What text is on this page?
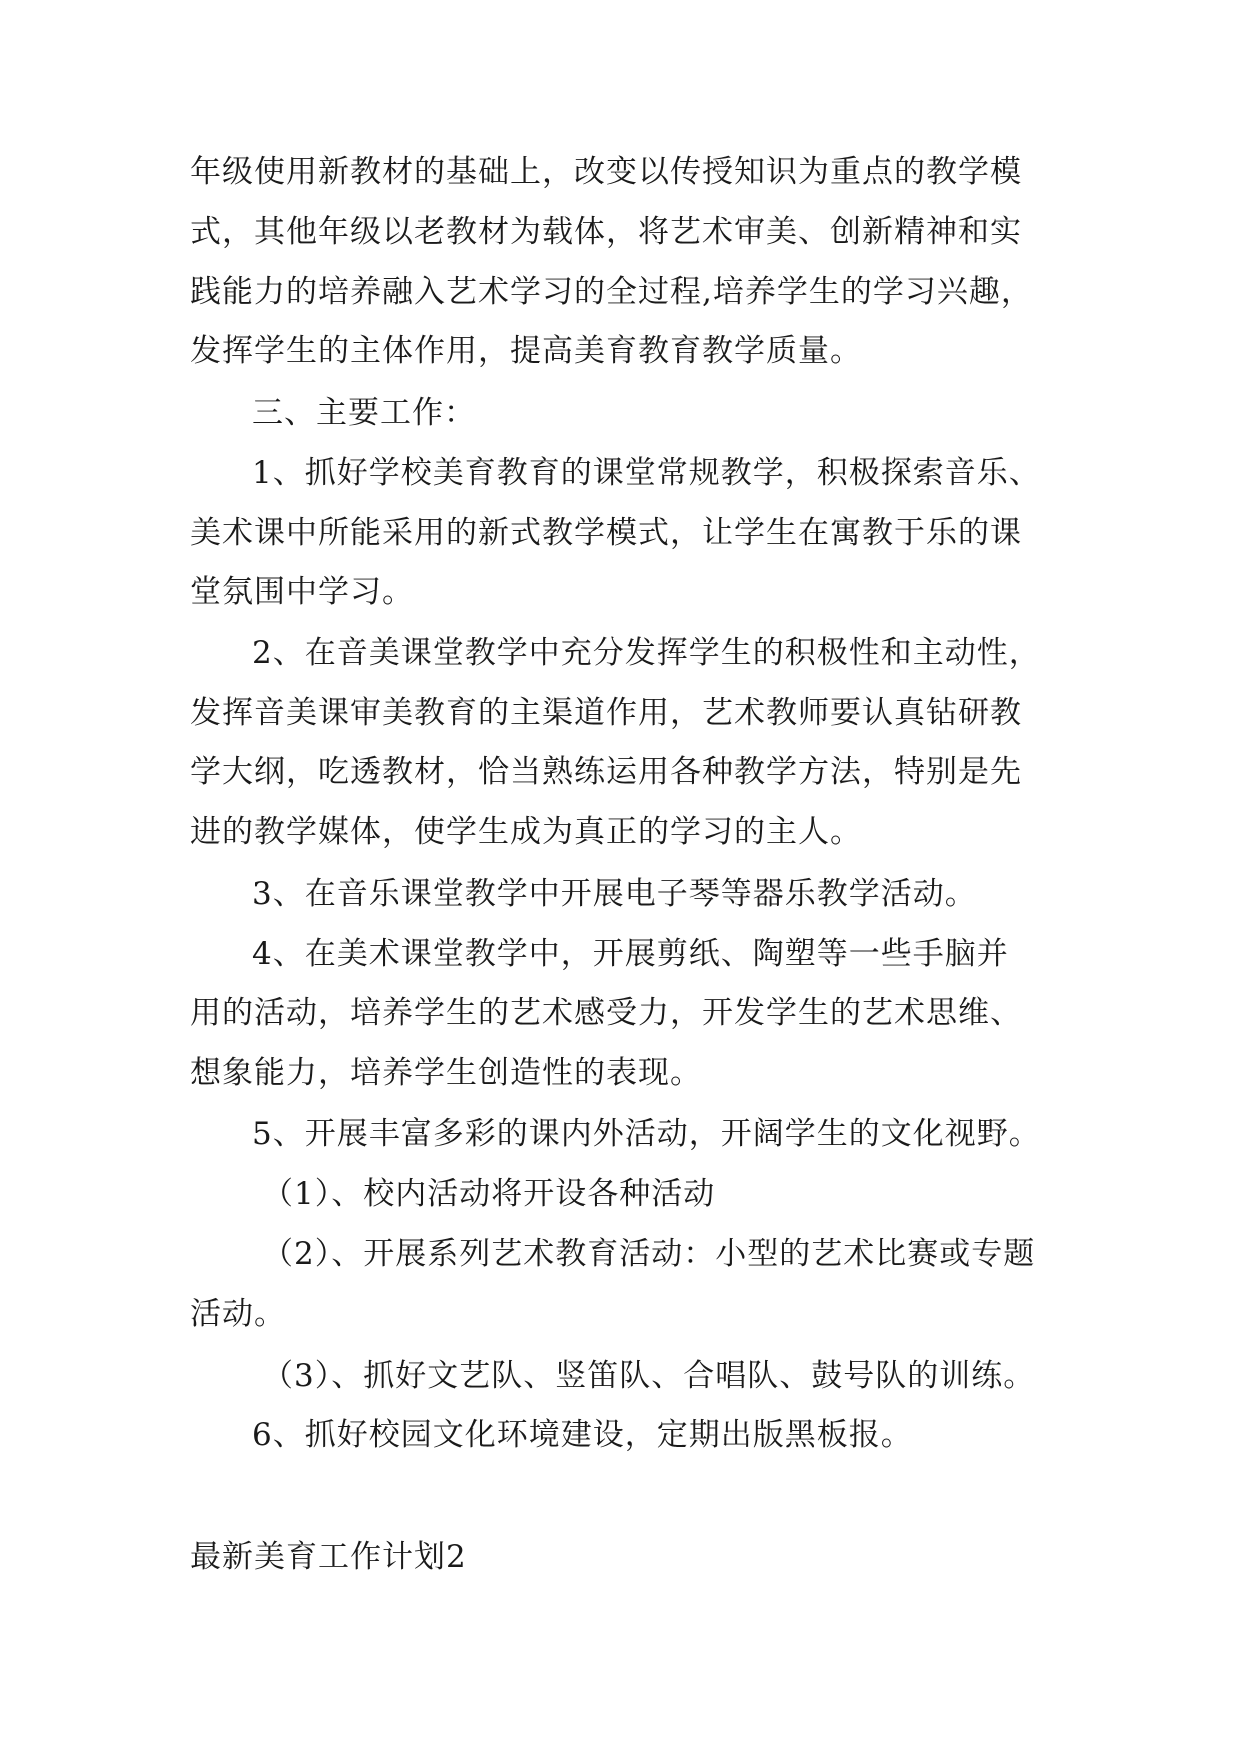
年级使用新教材的基础上，改变以传授知识为重点的教学模
式，其他年级以老教材为载体，将艺术审美、创新精神和实
践能力的培养融入艺术学习的全过程,培养学生的学习兴趣，
发挥学生的主体作用，提高美育教育教学质量。
三、主要工作：
1、抓好学校美育教育的课堂常规教学，积极探索音乐、
美术课中所能采用的新式教学模式，让学生在寓教于乐的课
堂氛围中学习。
2、在音美课堂教学中充分发挥学生的积极性和主动性，
发挥音美课审美教育的主渠道作用，艺术教师要认真钻研教
学大纲，吃透教材，恰当熟练运用各种教学方法，特别是先
进的教学媒体，使学生成为真正的学习的主人。
3、在音乐课堂教学中开展电子琴等器乐教学活动。
4、在美术课堂教学中，开展剪纸、陶塑等一些手脑并
用的活动，培养学生的艺术感受力，开发学生的艺术思维、
想象能力，培养学生创造性的表现。
5、开展丰富多彩的课内外活动，开阔学生的文化视野。
（1）、校内活动将开设各种活动
（2）、开展系列艺术教育活动：小型的艺术比赛或专题
活动。
（3）、抓好文艺队、竖笛队、合唱队、鼓号队的训练。
6、抓好校园文化环境建设，定期出版黑板报。
最新美育工作计划2
